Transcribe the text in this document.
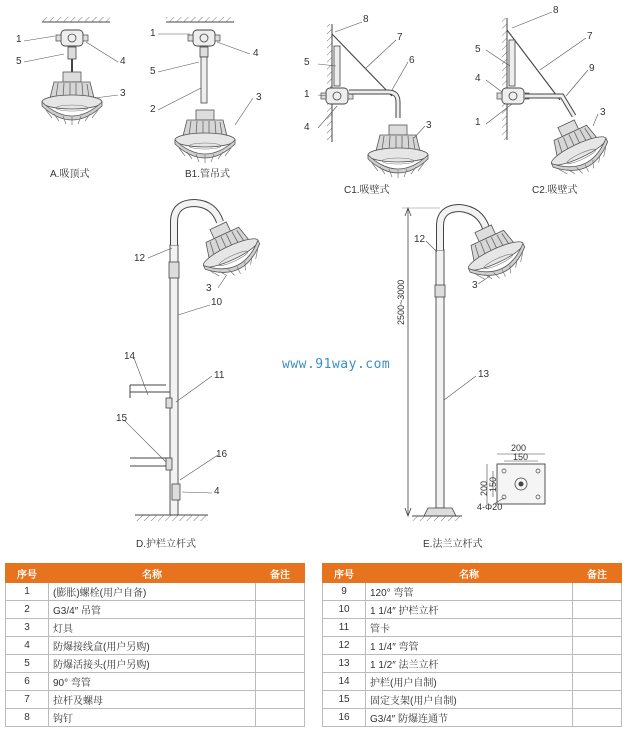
A.吸顶式	B1.管吊式
C1.吸壁式	C2.吸壁式
D.护栏立杆式	E.法兰立杆式
www.91way.com
1
5	4
3
1
4
5
2
3
8
7
5	6
1
4	3
8
7
5
9
4
1
3
12
3
10
14
11
15
16
4
12
3
13
2500~3000
200
150
200 150
4-Φ20
序号	名称	备注
1	(膨胀)螺栓(用户自备)	
2	G3/4″ 吊管	
3	灯具	
4	防爆接线盒(用户另购)	
5	防爆活接头(用户另购)	
6	90° 弯管	
7	拉杆及螺母	
8	钩钉	
序号	名称	备注
9	120° 弯管	
10	1 1/4″ 护栏立杆	
11	管卡	
12	1 1/4″ 弯管	
13	1 1/2″ 法兰立杆	
14	护栏(用户自制)	
15	固定支架(用户自制)	
16	G3/4″ 防爆连通节	
